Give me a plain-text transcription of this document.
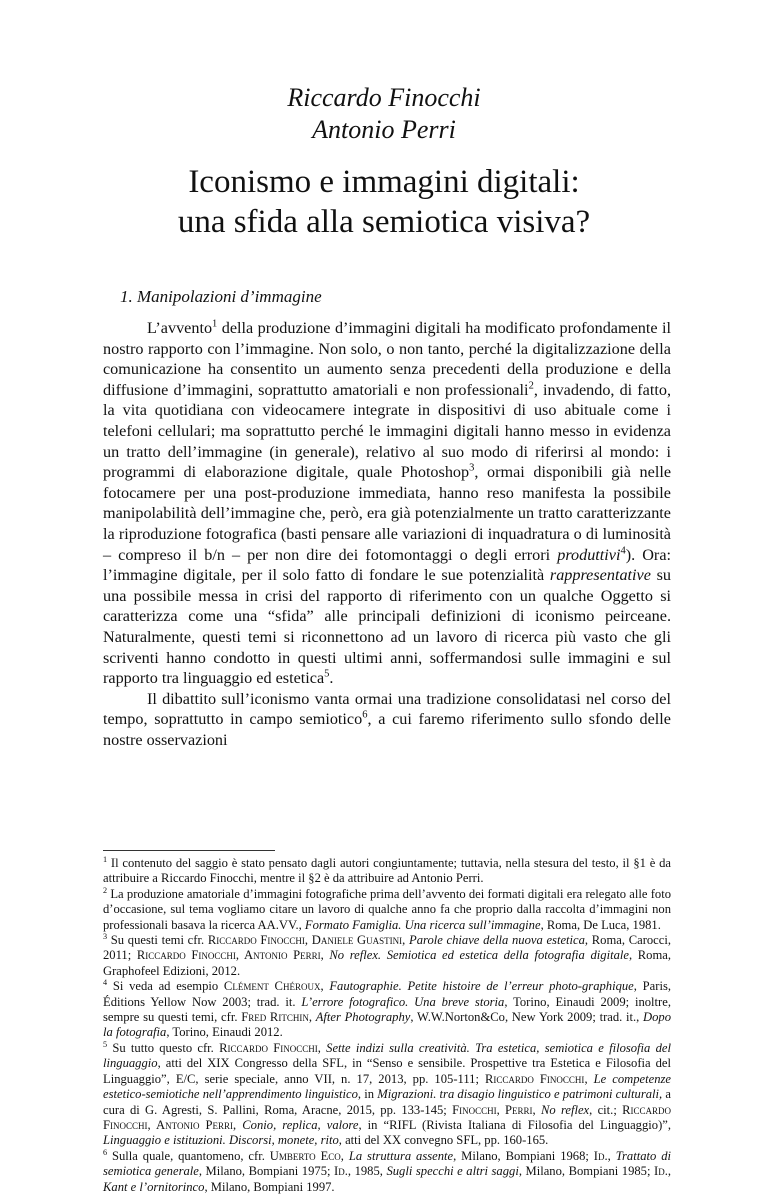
Riccardo Finocchi
Antonio Perri
Iconismo e immagini digitali:
una sfida alla semiotica visiva?
1. Manipolazioni d’immagine

L’avvento$^1$ della produzione d’immagini digitali ha modificato profondamente il nostro rapporto con l’immagine. Non solo, o non tanto, perché la digitalizzazione della comunicazione ha consentito un aumento senza precedenti della produzione e della diffusione d’immagini, soprattutto amatoriali e non professionali$^2$, invadendo, di fatto, la vita quotidiana con videocamere integrate in dispositivi di uso abituale come i telefoni cellulari; ma soprattutto perché le immagini digitali hanno messo in evidenza un tratto dell’immagine (in generale), relativo al suo modo di riferirsi al mondo: i programmi di elaborazione digitale, quale Photoshop$^3$, ormai disponibili già nelle fotocamere per una post-produzione immediata, hanno reso manifesta la possibile manipolabilità dell’immagine che, però, era già potenzialmente un tratto caratterizzante la riproduzione fotografica (basti pensare alle variazioni di inquadratura o di luminosità – compreso il b/n – per non dire dei fotomontaggi o degli errori produttivi$^4$). Ora: l’immagine digitale, per il solo fatto di fondare le sue potenzialità rappresentative su una possibile messa in crisi del rapporto di riferimento con un qualche Oggetto si caratterizza come una “sfida” alle principali definizioni di iconismo peirceane. Naturalmente, questi temi si riconnettono ad un lavoro di ricerca più vasto che gli scriventi hanno condotto in questi ultimi anni, soffermandosi sulle immagini e sul rapporto tra linguaggio ed estetica$^5$.

Il dibattito sull’iconismo vanta ormai una tradizione consolidatasi nel corso del tempo, soprattutto in campo semiotico$^6$, a cui faremo riferimento sullo sfondo delle nostre osservazioni

$^1$ Il contenuto del saggio è stato pensato dagli autori congiuntamente; tuttavia, nella stesura del testo, il §1 è da attribuire a Riccardo Finocchi, mentre il §2 è da attribuire ad Antonio Perri.

$^2$ La produzione amatoriale d’immagini fotografiche prima dell’avvento dei formati digitali era relegato alle foto d’occasione, sul tema vogliamo citare un lavoro di qualche anno fa che proprio dalla raccolta d’immagini non professionali basava la ricerca AA.VV., Formato Famiglia. Una ricerca sull’immagine, Roma, De Luca, 1981.

$^3$ Su questi temi cfr. Riccardo Finocchi, Daniele Guastini, Parole chiave della nuova estetica, Roma, Carocci, 2011; Riccardo Finocchi, Antonio Perri, No reflex. Semiotica ed estetica della fotografia digitale, Roma, Graphofeel Edizioni, 2012.

$^4$ Si veda ad esempio Clément Chéroux, Fautographie. Petite histoire de l’erreur photo-graphique, Paris, Éditions Yellow Now 2003; trad. it. L’errore fotografico. Una breve storia, Torino, Einaudi 2009; inoltre, sempre su questi temi, cfr. Fred Ritchin, After Photography, W.W.Norton&Co, New York 2009; trad. it., Dopo la fotografia, Torino, Einaudi 2012.

$^5$ Su tutto questo cfr. Riccardo Finocchi, Sette indizi sulla creatività. Tra estetica, semiotica e filosofia del linguaggio, atti del XIX Congresso della SFL, in “Senso e sensibile. Prospettive tra Estetica e Filosofia del Linguaggio”, E/C, serie speciale, anno VII, n. 17, 2013, pp. 105-111; Riccardo Finocchi, Le competenze estetico-semiotiche nell’apprendimento linguistico, in Migrazioni. tra disagio linguistico e patrimoni culturali, a cura di G. Agresti, S. Pallini, Roma, Aracne, 2015, pp. 133-145; Finocchi, Perri, No reflex, cit.; Riccardo Finocchi, Antonio Perri, Conio, replica, valore, in “RIFL (Rivista Italiana di Filosofia del Linguaggio)”, Linguaggio e istituzioni. Discorsi, monete, rito, atti del XX convegno SFL, pp. 160-165.

$^6$ Sulla quale, quantomeno, cfr. Umberto Eco, La struttura assente, Milano, Bompiani 1968; Id., Trattato di semiotica generale, Milano, Bompiani 1975; Id., 1985, Sugli specchi e altri saggi, Milano, Bompiani 1985; Id., Kant e l’ornitorinco, Milano, Bompiani 1997.
